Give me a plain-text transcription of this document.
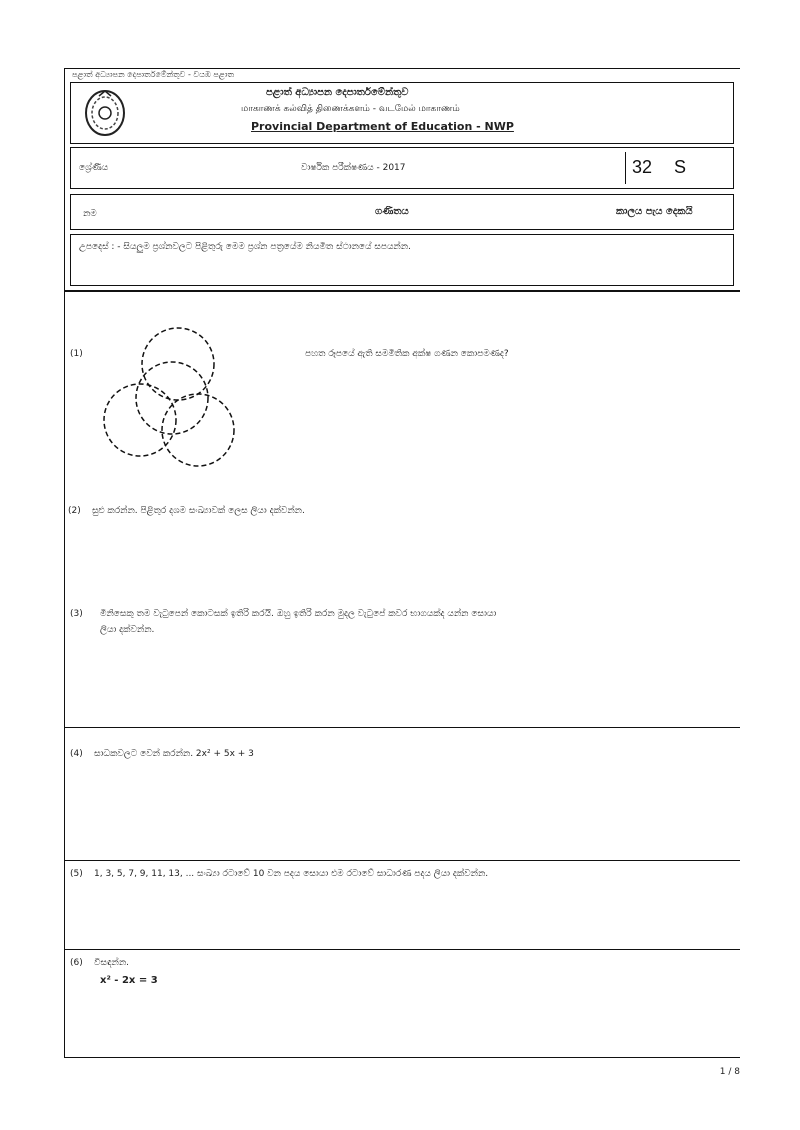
පළාත් අධ්‍යාපන දෙපාර්තමේන්තුව - වයඹ පළාත
පළාත් අධ්‍යාපන දෙපාර්තමේන්තුව
மாகாணக் கல்வித் திணைக்களம் - வடமேல் மாகாணம்
Provincial Department of Education - NWP
ශ්‍රේණිය	වාර්ෂික පරීක්ෂණය - 2017	32 S
නම	ගණිතය	කාලය පැය දෙකයි
උපදෙස් : - සියලුම ප්‍රශ්නවලට පිළිතුරු මෙම ප්‍රශ්න පත්‍රයේම නියමිත ස්ථානයේ සපයන්න.
(1)	පහත රූපයේ ඇති සමමිතික අක්ෂ ගණන කොපමණද?
(2)	සුළු කරන්න. පිළිතුර දශම සංඛ්‍යාවක් ලෙස ලියා දක්වන්න.
(3)	මිනිසෙකු තම වැටුපෙන් කොටසක් ඉතිරි කරයි. ඔහු ඉතිරි කරන මුදල වැටුපේ කවර භාගයක්ද යන්න සොයා
ලියා දක්වන්න.
(4)	සාධකවලට වෙන් කරන්න. 2x² + 5x + 3
(5)	1, 3, 5, 7, 9, 11, 13, ... සංඛ්‍යා රටාවේ 10 වන පදය සොයා එම රටාවේ සාධාරණ පදය ලියා දක්වන්න.
(6)	විසඳන්න.
x² - 2x = 3
1 / 8
